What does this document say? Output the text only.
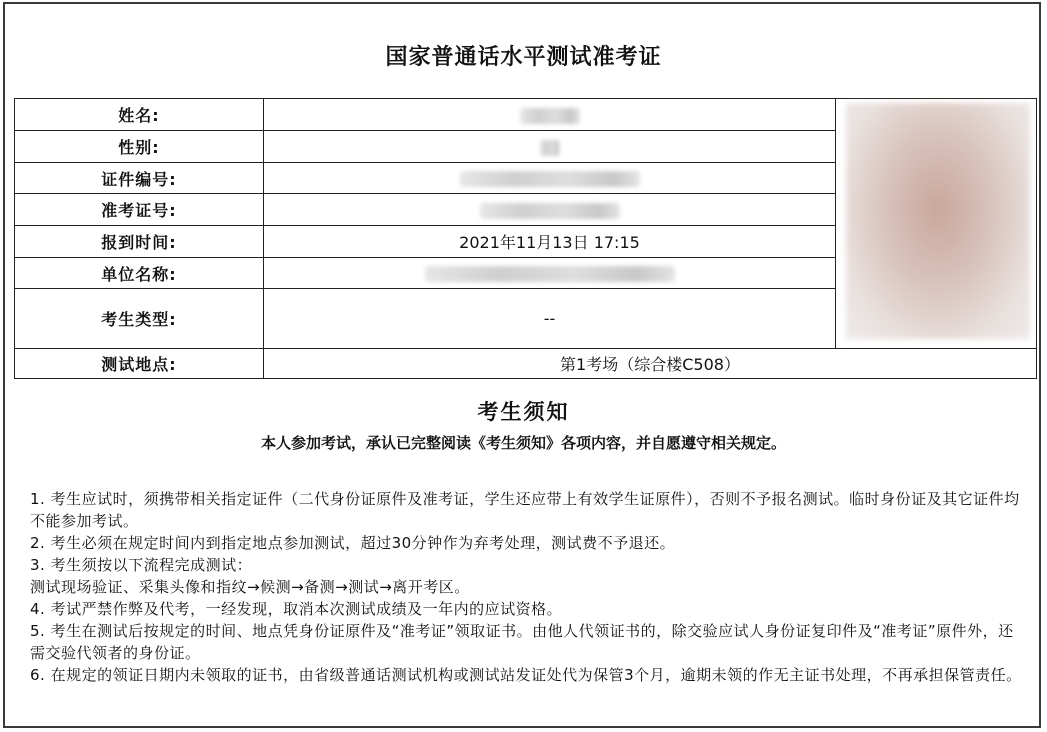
国家普通话水平测试准考证
姓名:		

性别:		
证件编号:		
准考证号:		
报到时间:	2021年11月13日 17:15	
单位名称:		
考生类型:	--	
测试地点:	第1考场（综合楼C508）	
考生须知
本人参加考试，承认已完整阅读《考生须知》各项内容，并自愿遵守相关规定。

1. 考生应试时，须携带相关指定证件（二代身份证原件及准考证，学生还应带上有效学生证原件），否则不予报名测试。临时身份证及其它证件均不能参加考试。

2. 考生必须在规定时间内到指定地点参加测试，超过30分钟作为弃考处理，测试费不予退还。

3. 考生须按以下流程完成测试：

测试现场验证、采集头像和指纹→候测→备测→测试→离开考区。

4. 考试严禁作弊及代考，一经发现，取消本次测试成绩及一年内的应试资格。

5. 考生在测试后按规定的时间、地点凭身份证原件及“准考证”领取证书。由他人代领证书的，除交验应试人身份证复印件及“准考证”原件外，还需交验代领者的身份证。

6. 在规定的领证日期内未领取的证书，由省级普通话测试机构或测试站发证处代为保管3个月，逾期未领的作无主证书处理，不再承担保管责任。
